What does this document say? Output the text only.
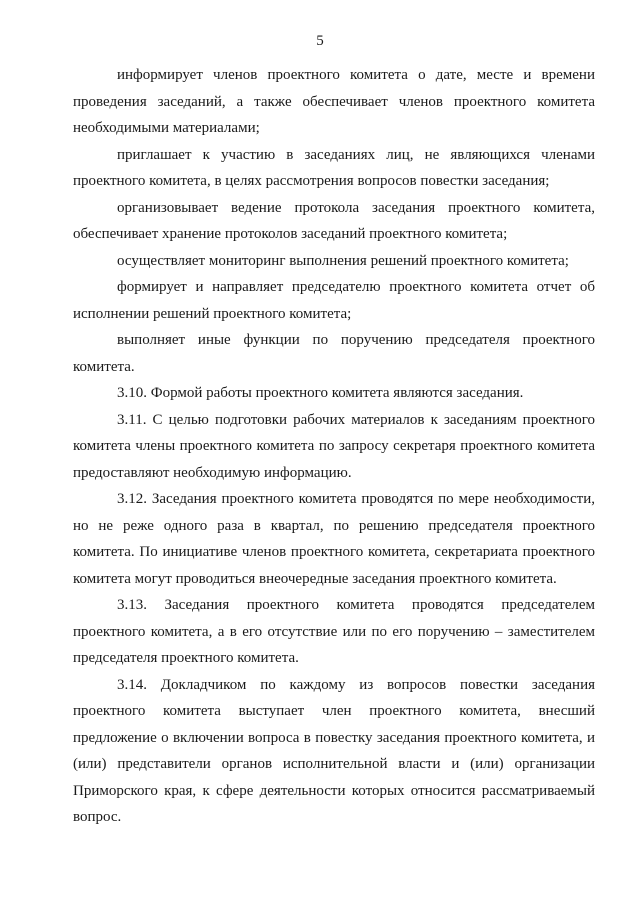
5

информирует членов проектного комитета о дате, месте и времени проведения заседаний, а также обеспечивает членов проектного комитета необходимыми материалами;

приглашает к участию в заседаниях лиц, не являющихся членами проектного комитета, в целях рассмотрения вопросов повестки заседания;

организовывает ведение протокола заседания проектного комитета, обеспечивает хранение протоколов заседаний проектного комитета;

осуществляет мониторинг выполнения решений проектного комитета;

формирует и направляет председателю проектного комитета отчет об исполнении решений проектного комитета;

выполняет иные функции по поручению председателя проектного комитета.

3.10. Формой работы проектного комитета являются заседания.

3.11. С целью подготовки рабочих материалов к заседаниям проектного комитета члены проектного комитета по запросу секретаря проектного комитета предоставляют необходимую информацию.

3.12. Заседания проектного комитета проводятся по мере необходимости, но не реже одного раза в квартал, по решению председателя проектного комитета. По инициативе членов проектного комитета, секретариата проектного комитета могут проводиться внеочередные заседания проектного комитета.

3.13. Заседания проектного комитета проводятся председателем проектного комитета, а в его отсутствие или по его поручению – заместителем председателя проектного комитета.

3.14. Докладчиком по каждому из вопросов повестки заседания проектного комитета выступает член проектного комитета, внесший предложение о включении вопроса в повестку заседания проектного комитета, и (или) представители органов исполнительной власти и (или) организации Приморского края, к сфере деятельности которых относится рассматриваемый вопрос.
